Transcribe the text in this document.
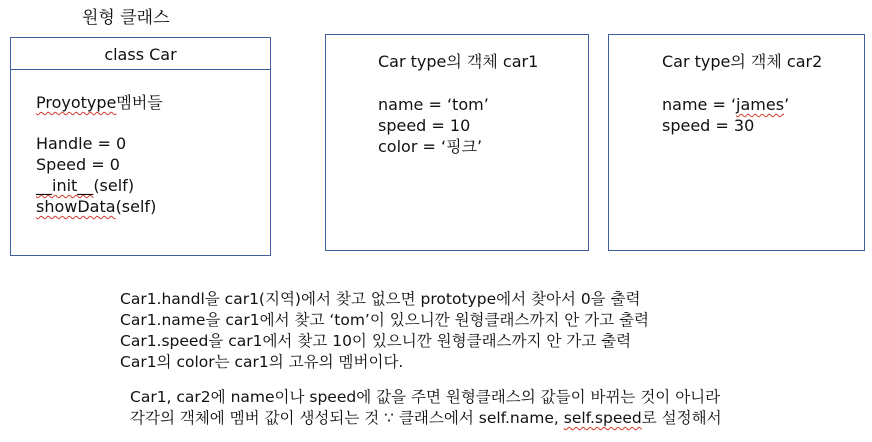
원형 클래스
class Car
Proyotype멤버들
Handle = 0
Speed = 0
__init__(self)
showData(self)
Car type의 객체 car1
name = ‘tom’
speed = 10
color = ‘핑크’
Car type의 객체 car2
name = ‘james’
speed = 30
Car1.handl을 car1(지역)에서 찾고 없으면 prototype에서 찾아서 0을 출력
Car1.name을 car1에서 찾고 ‘tom’이 있으니깐 원형클래스까지 안 가고 출력
Car1.speed을 car1에서 찾고 10이 있으니깐 원형클래스까지 안 가고 출력
Car1의 color는 car1의 고유의 멤버이다.
Car1, car2에 name이나 speed에 값을 주면 원형클래스의 값들이 바뀌는 것이 아니라
각각의 객체에 멤버 값이 생성되는 것 ∵ 클래스에서 self.name, self.speed로 설정해서
